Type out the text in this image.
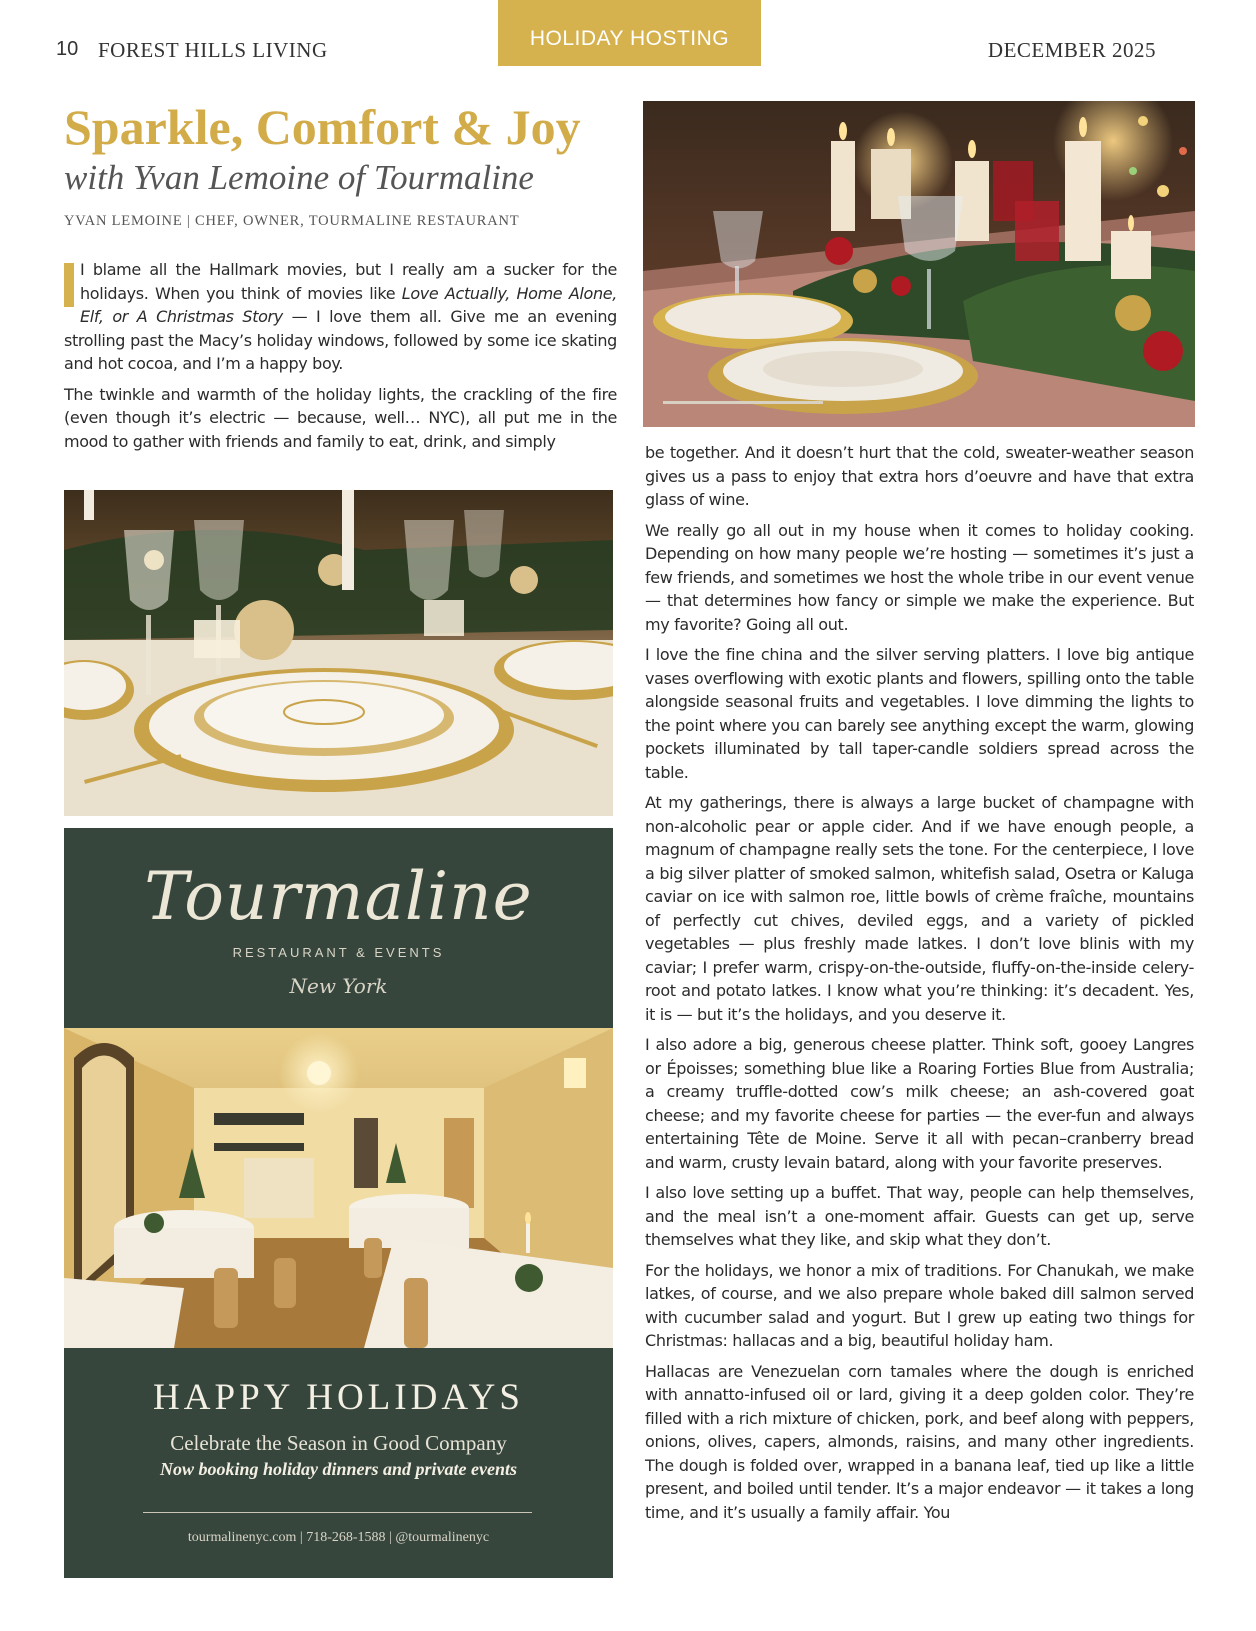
10 FOREST HILLS LIVING	HOLIDAY HOSTING	DECEMBER 2025
Sparkle, Comfort & Joy
with Yvan Lemoine of Tourmaline
YVAN LEMOINE | CHEF, OWNER, TOURMALINE RESTAURANT

I blame all the Hallmark movies, but I really am a sucker for the holidays. When you think of movies like Love Actually, Home Alone, Elf, or A Christmas Story — I love them all. Give me an evening strolling past the Macy’s holiday windows, followed by some ice skating and hot cocoa, and I’m a happy boy.

The twinkle and warmth of the holiday lights, the crackling of the fire (even though it’s electric — because, well… NYC), all put me in the mood to gather with friends and family to eat, drink, and simply

be together. And it doesn’t hurt that the cold, sweater-weather season gives us a pass to enjoy that extra hors d’oeuvre and have that extra glass of wine.

We really go all out in my house when it comes to holiday cooking. Depending on how many people we’re hosting — sometimes it’s just a few friends, and sometimes we host the whole tribe in our event venue — that determines how fancy or simple we make the experience. But my favorite? Going all out.

I love the fine china and the silver serving platters. I love big antique vases overflowing with exotic plants and flowers, spilling onto the table alongside seasonal fruits and vegetables. I love dimming the lights to the point where you can barely see anything except the warm, glowing pockets illuminated by tall taper-candle soldiers spread across the table.

At my gatherings, there is always a large bucket of champagne with non-alcoholic pear or apple cider. And if we have enough people, a magnum of champagne really sets the tone. For the centerpiece, I love a big silver platter of smoked salmon, whitefish salad, Osetra or Kaluga caviar on ice with salmon roe, little bowls of crème fraîche, mountains of perfectly cut chives, deviled eggs, and a variety of pickled vegetables — plus freshly made latkes. I don’t love blinis with my caviar; I prefer warm, crispy-on-the-outside, fluffy-on-the-inside celery-root and potato latkes. I know what you’re thinking: it’s decadent. Yes, it is — but it’s the holidays, and you deserve it.

I also adore a big, generous cheese platter. Think soft, gooey Langres or Époisses; something blue like a Roaring Forties Blue from Australia; a creamy truffle-dotted cow’s milk cheese; an ash-covered goat cheese; and my favorite cheese for parties — the ever-fun and always entertaining Tête de Moine. Serve it all with pecan–cranberry bread and warm, crusty levain batard, along with your favorite preserves.

I also love setting up a buffet. That way, people can help themselves, and the meal isn’t a one-moment affair. Guests can get up, serve themselves what they like, and skip what they don’t.

For the holidays, we honor a mix of traditions. For Chanukah, we make latkes, of course, and we also prepare whole baked dill salmon served with cucumber salad and yogurt. But I grew up eating two things for Christmas: hallacas and a big, beautiful holiday ham.

Hallacas are Venezuelan corn tamales where the dough is enriched with annatto-infused oil or lard, giving it a deep golden color. They’re filled with a rich mixture of chicken, pork, and beef along with peppers, onions, olives, capers, almonds, raisins, and many other ingredients. The dough is folded over, wrapped in a banana leaf, tied up like a little present, and boiled until tender. It’s a major endeavor — it takes a long time, and it’s usually a family affair. You

Tourmaline
RESTAURANT & EVENTS
New York
HAPPY HOLIDAYS
Celebrate the Season in Good Company
Now booking holiday dinners and private events
tourmalinenyc.com | 718-268-1588 | @tourmalinenyc
